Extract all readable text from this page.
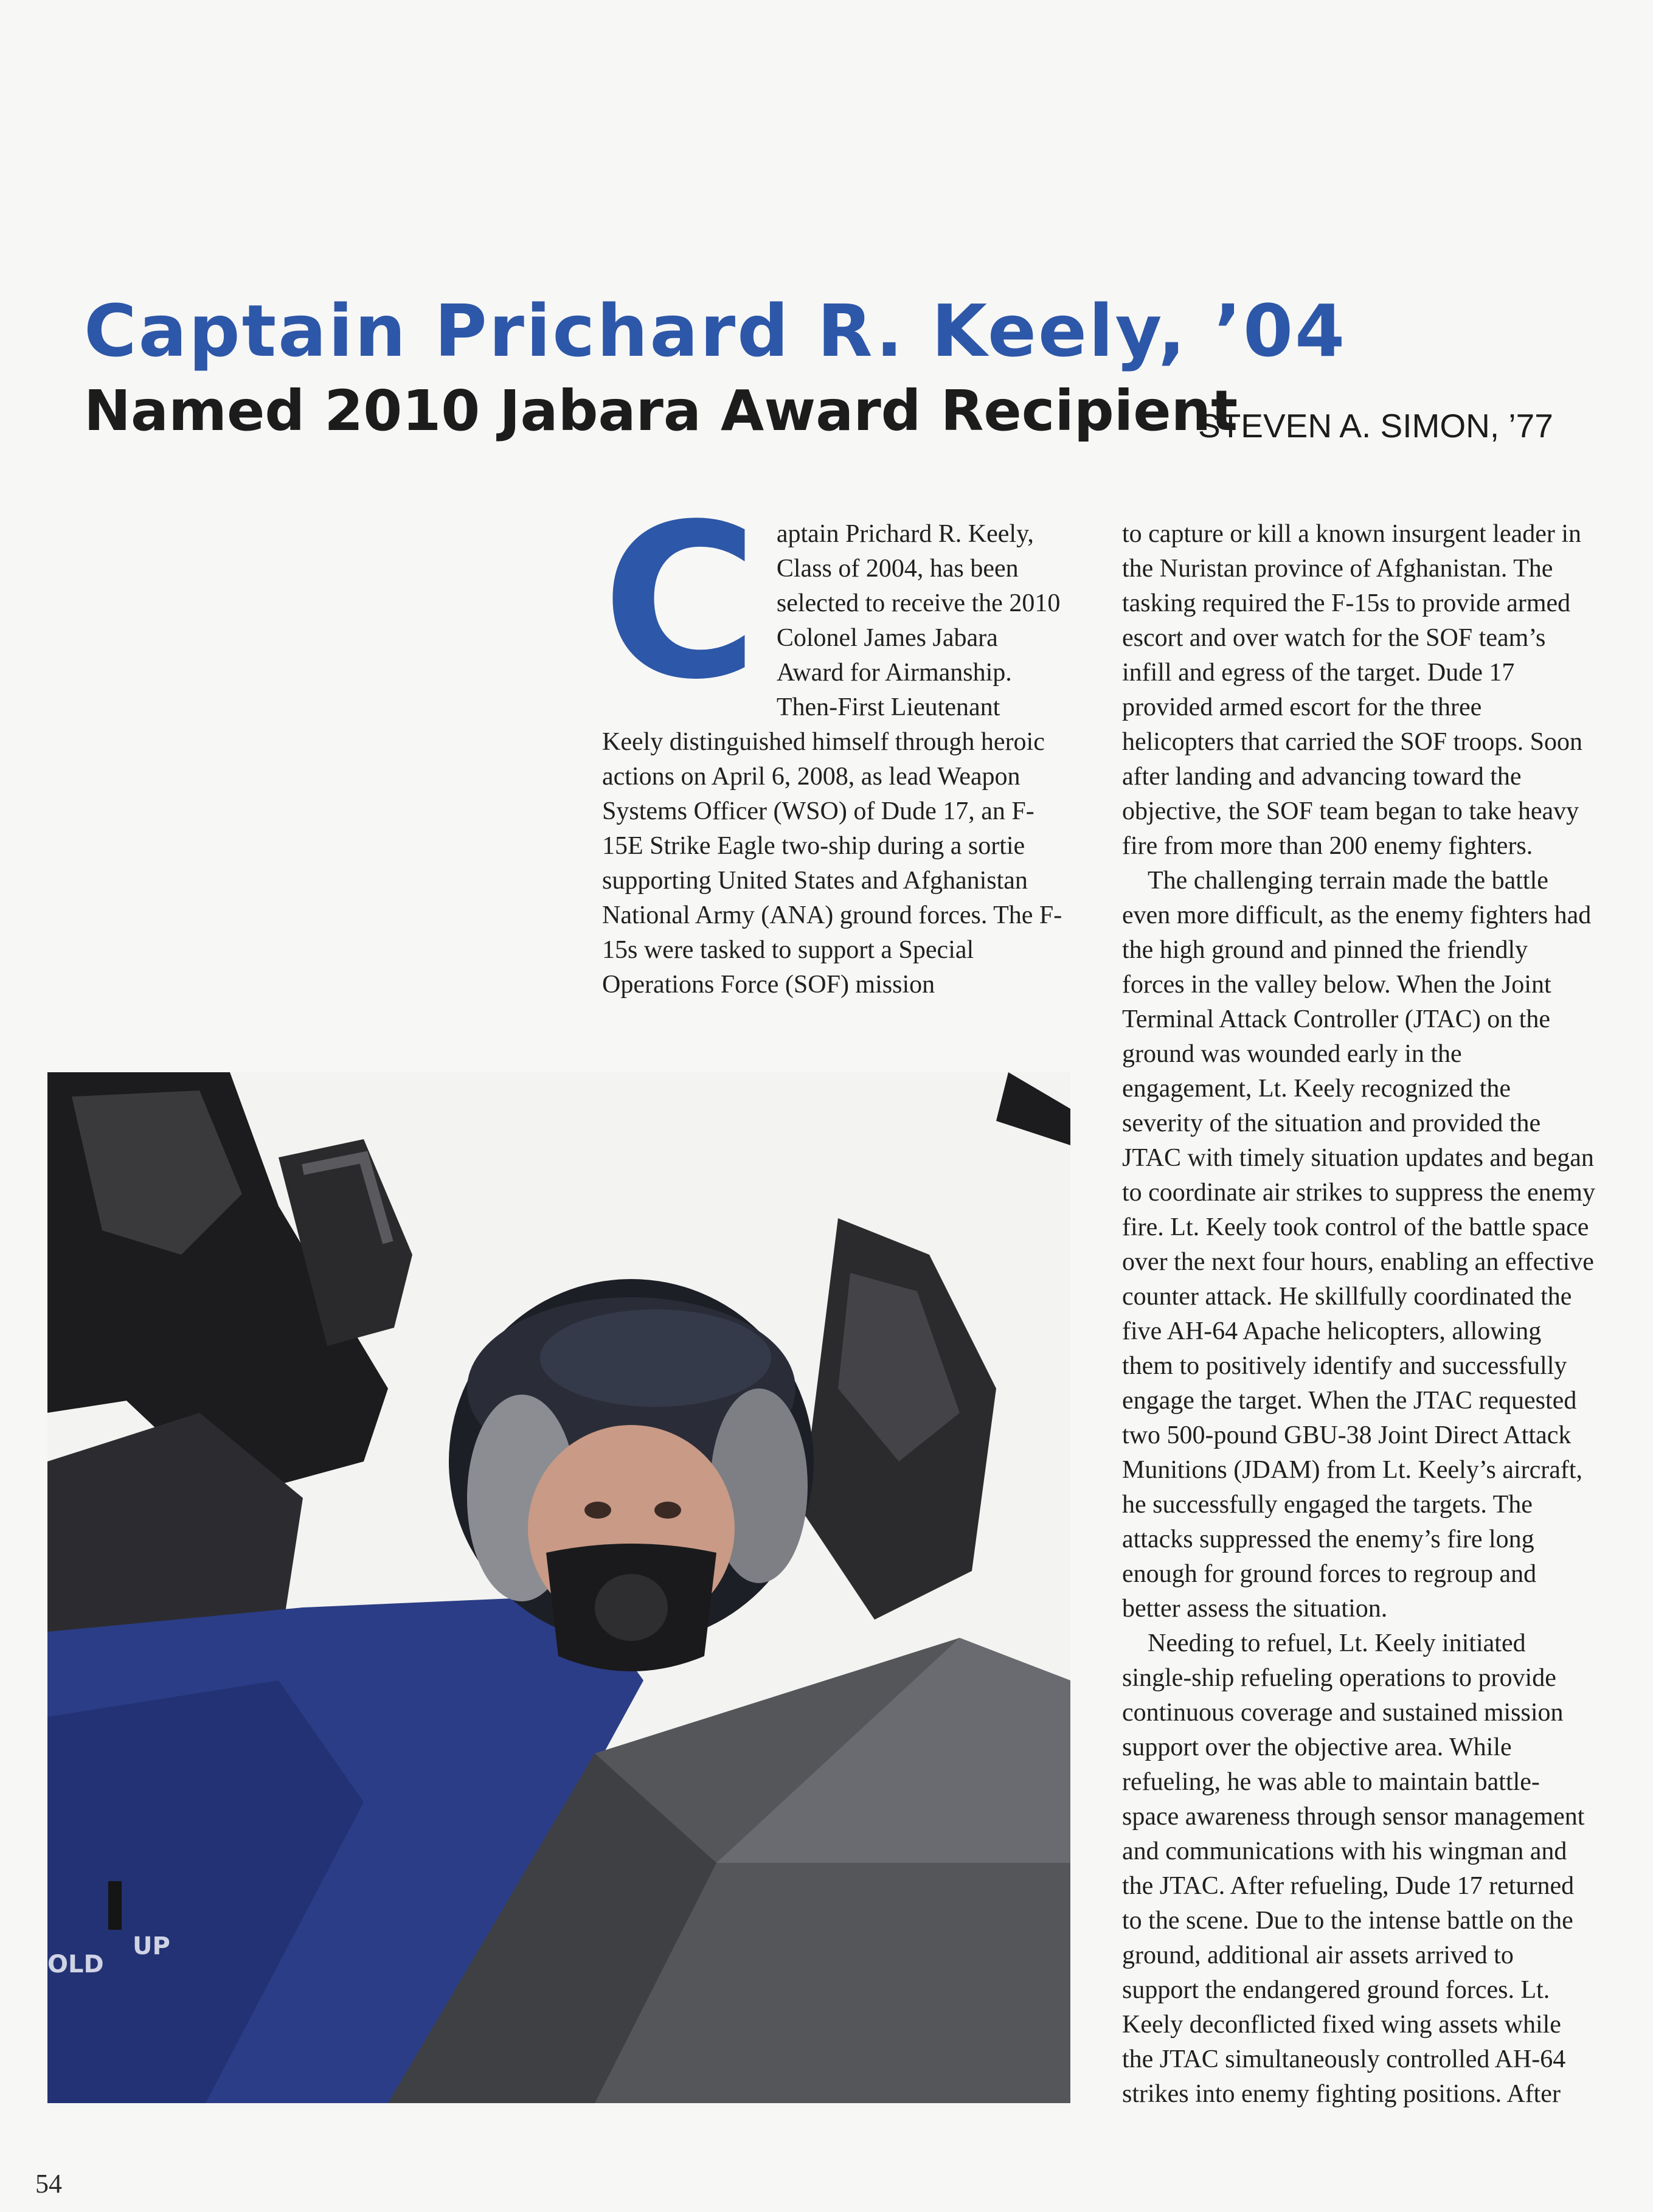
Captain Prichard R. Keely, ’04
Named 2010 Jabara Award Recipient
STEVEN A. SIMON, ’77
C aptain Prichard R. Keely, Class of 2004, has been selected to receive the 2010 Colonel James Jabara Award for Airmanship. Then-First Lieutenant Keely distinguished himself through heroic actions on April 6, 2008, as lead Weapon Systems Officer (WSO) of Dude 17, an F-15E Strike Eagle two-ship during a sortie supporting United States and Afghanistan National Army (ANA) ground forces. The F-15s were tasked to support a Special Operations Force (SOF) mission

to capture or kill a known insurgent leader in the Nuristan province of Afghanistan. The tasking required the F-15s to provide armed escort and over watch for the SOF team’s infill and egress of the target. Dude 17 provided armed escort for the three helicopters that carried the SOF troops. Soon after landing and advancing toward the objective, the SOF team began to take heavy fire from more than 200 enemy fighters.

The challenging terrain made the battle even more difficult, as the enemy fighters had the high ground and pinned the friendly forces in the valley below. When the Joint Terminal Attack Controller (JTAC) on the ground was wounded early in the engagement, Lt. Keely recognized the severity of the situation and provided the JTAC with timely situation updates and began to coordinate air strikes to suppress the enemy fire. Lt. Keely took control of the battle space over the next four hours, enabling an effective counter attack. He skillfully coordinated the five AH-64 Apache helicopters, allowing them to positively identify and successfully engage the target. When the JTAC requested two 500-pound GBU-38 Joint Direct Attack Munitions (JDAM) from Lt. Keely’s aircraft, he successfully engaged the targets. The attacks suppressed the enemy’s fire long enough for ground forces to regroup and better assess the situation.

Needing to refuel, Lt. Keely initiated single-ship refueling operations to provide continuous coverage and sustained mission support over the objective area. While refueling, he was able to maintain battle-space awareness through sensor management and communications with his wingman and the JTAC. After refueling, Dude 17 returned to the scene. Due to the intense battle on the ground, additional air assets arrived to support the endangered ground forces. Lt. Keely deconflicted fixed wing assets while the JTAC simultaneously controlled AH-64 strikes into enemy fighting positions. After

UP
OLD
54
